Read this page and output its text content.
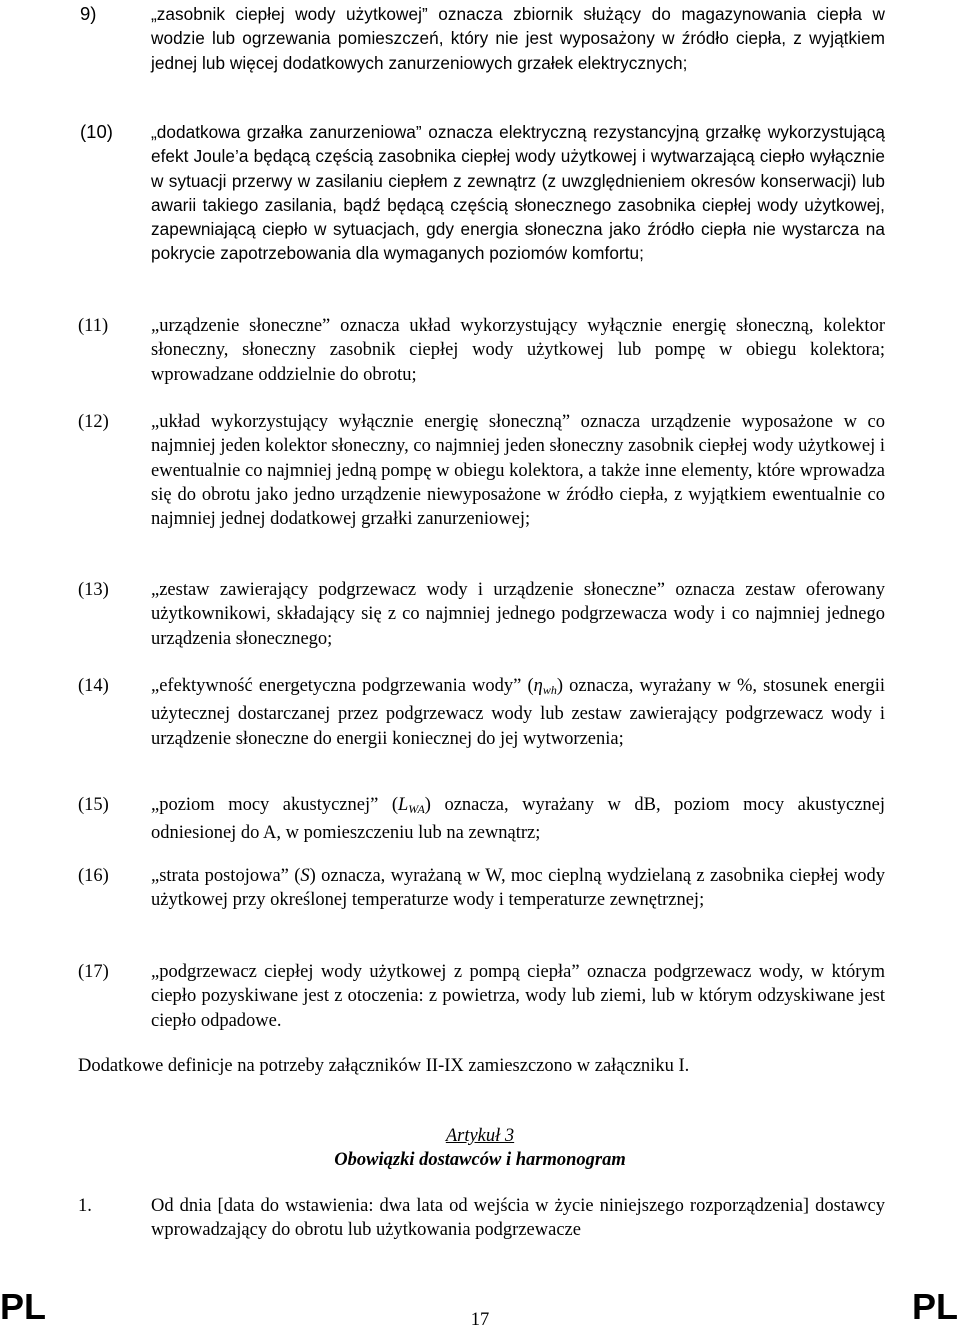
9)	„zasobnik ciepłej wody użytkowej” oznacza zbiornik służący do magazynowania ciepła w wodzie lub ogrzewania pomieszczeń, który nie jest wyposażony w źródło ciepła, z wyjątkiem jednej lub więcej dodatkowych zanurzeniowych grzałek elektrycznych;
(10) „dodatkowa grzałka zanurzeniowa” oznacza elektryczną rezystancyjną grzałkę wykorzystującą efekt Joule’a będącą częścią zasobnika ciepłej wody użytkowej i wytwarzającą ciepło wyłącznie w sytuacji przerwy w zasilaniu ciepłem z zewnątrz (z uwzględnieniem okresów konserwacji) lub awarii takiego zasilania, bądź będącą częścią słonecznego zasobnika ciepłej wody użytkowej, zapewniającą ciepło w sytuacjach, gdy energia słoneczna jako źródło ciepła nie wystarcza na pokrycie zapotrzebowania dla wymaganych poziomów komfortu;
(11) „urządzenie słoneczne” oznacza układ wykorzystujący wyłącznie energię słoneczną, kolektor słoneczny, słoneczny zasobnik ciepłej wody użytkowej lub pompę w obiegu kolektora; wprowadzane oddzielnie do obrotu;
(12) „układ wykorzystujący wyłącznie energię słoneczną” oznacza urządzenie wyposażone w co najmniej jeden kolektor słoneczny, co najmniej jeden słoneczny zasobnik ciepłej wody użytkowej i ewentualnie co najmniej jedną pompę w obiegu kolektora, a także inne elementy, które wprowadza się do obrotu jako jedno urządzenie niewyposażone w źródło ciepła, z wyjątkiem ewentualnie co najmniej jednej dodatkowej grzałki zanurzeniowej;
(13) „zestaw zawierający podgrzewacz wody i urządzenie słoneczne” oznacza zestaw oferowany użytkownikowi, składający się z co najmniej jednego podgrzewacza wody i co najmniej jednego urządzenia słonecznego;
(14) „efektywność energetyczna podgrzewania wody” $(\eta_{wh})$ oznacza, wyrażany w %, stosunek energii użytecznej dostarczanej przez podgrzewacz wody lub zestaw zawierający podgrzewacz wody i urządzenie słoneczne do energii koniecznej do jej wytworzenia;
(15) „poziom mocy akustycznej” $(L_{WA})$ oznacza, wyrażany w dB, poziom mocy akustycznej odniesionej do A, w pomieszczeniu lub na zewnątrz;
(16) „strata postojowa” (S) oznacza, wyrażaną w W, moc cieplną wydzielaną z zasobnika ciepłej wody użytkowej przy określonej temperaturze wody i temperaturze zewnętrznej;
(17) „podgrzewacz ciepłej wody użytkowej z pompą ciepła” oznacza podgrzewacz wody, w którym ciepło pozyskiwane jest z otoczenia: z powietrza, wody lub ziemi, lub w którym odzyskiwane jest ciepło odpadowe.
Dodatkowe definicje na potrzeby załączników II-IX zamieszczono w załączniku I.
Artykuł 3
Obowiązki dostawców i harmonogram
1.	Od dnia [data do wstawienia: dwa lata od wejścia w życie niniejszego rozporządzenia] dostawcy wprowadzający do obrotu lub użytkowania podgrzewacze
PL	17	PL
